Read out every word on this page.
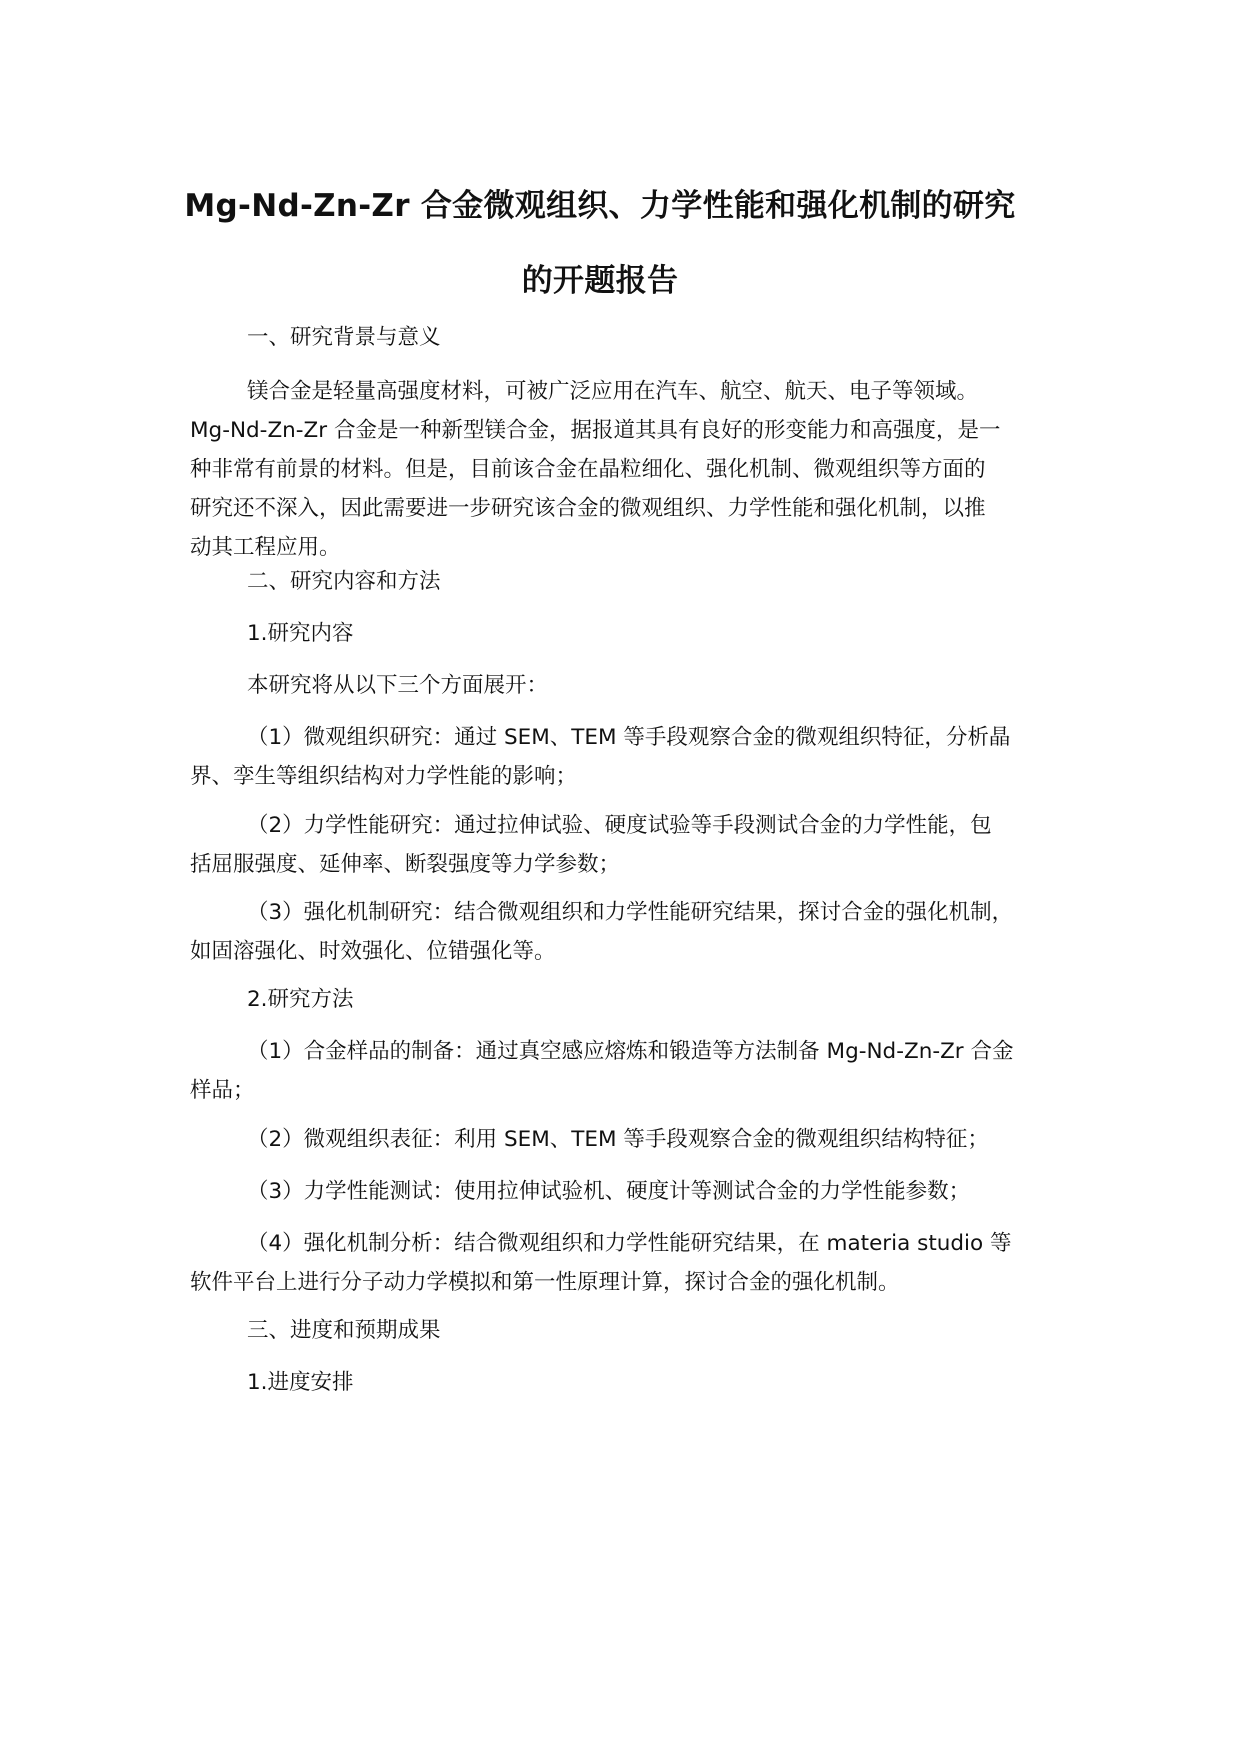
Mg-Nd-Zn-Zr 合金微观组织、力学性能和强化机制的研究
的开题报告
一、研究背景与意义
镁合金是轻量高强度材料，可被广泛应用在汽车、航空、航天、电子等领域。
Mg-Nd-Zn-Zr 合金是一种新型镁合金，据报道其具有良好的形变能力和高强度，是一
种非常有前景的材料。但是，目前该合金在晶粒细化、强化机制、微观组织等方面的
研究还不深入，因此需要进一步研究该合金的微观组织、力学性能和强化机制，以推
动其工程应用。
二、研究内容和方法
1.研究内容
本研究将从以下三个方面展开：
（1）微观组织研究：通过 SEM、TEM 等手段观察合金的微观组织特征，分析晶
界、孪生等组织结构对力学性能的影响；
（2）力学性能研究：通过拉伸试验、硬度试验等手段测试合金的力学性能，包
括屈服强度、延伸率、断裂强度等力学参数；
（3）强化机制研究：结合微观组织和力学性能研究结果，探讨合金的强化机制，
如固溶强化、时效强化、位错强化等。
2.研究方法
（1）合金样品的制备：通过真空感应熔炼和锻造等方法制备 Mg-Nd-Zn-Zr 合金
样品；
（2）微观组织表征：利用 SEM、TEM 等手段观察合金的微观组织结构特征；
（3）力学性能测试：使用拉伸试验机、硬度计等测试合金的力学性能参数；
（4）强化机制分析：结合微观组织和力学性能研究结果，在 materia studio 等
软件平台上进行分子动力学模拟和第一性原理计算，探讨合金的强化机制。
三、进度和预期成果
1.进度安排
